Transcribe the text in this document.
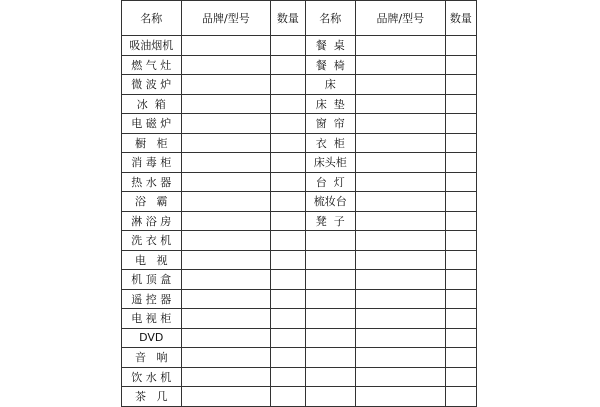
名称	品牌/型号	数量	名称	品牌/型号	数量
吸油烟机			餐  桌		
燃 气 灶			餐  椅		
微 波 炉			床		
冰  箱			床  垫		
电 磁 炉			窗  帘		
橱   柜			衣  柜		
消 毒 柜			床头柜		
热 水 器			台  灯		
浴   霸			梳妆台		
淋 浴 房			凳  子		
洗 衣 机					
电   视					
机 顶 盒					
遥 控 器					
电 视 柜					
DVD					
音   响					
饮 水 机					
茶   几					
